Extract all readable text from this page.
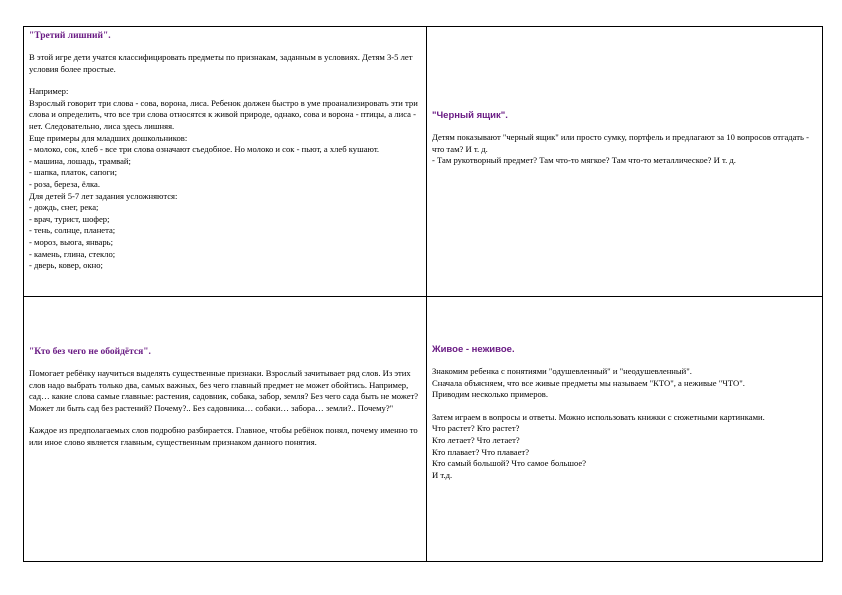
"Третий лишний".

В этой игре дети учатся классифицировать предметы по признакам, заданным в условиях. Детям 3-5 лет условия более простые.

Например:

Взрослый говорит три слова - сова, ворона, лиса. Ребенок должен быстро в уме проанализировать эти три слова и определить, что все три слова относятся к живой природе, однако, сова и ворона - птицы, а лиса - нет. Следовательно, лиса здесь лишняя.

Еще примеры для младших дошкольников:

- молоко, сок, хлеб - все три слова означают съедобное. Но молоко и сок - пьют, а хлеб кушают.

- машина, лошадь, трамвай;

- шапка, платок, сапоги;

- роза, береза, ёлка.

Для детей 5-7 лет задания усложняются:

- дождь, снег, река;

- врач, турист, шофер;

- тень, солнце, планета;

- мороз, вьюга, январь;

- камень, глина, стекло;

- дверь, ковер, окно;

"Черный ящик".

Детям показывают "черный ящик" или просто сумку, портфель и предлагают за 10 вопросов отгадать - что там? И т. д.

- Там рукотворный предмет? Там что-то мягкое? Там что-то металлическое? И т. д.

"Кто без чего не обойдётся".

Помогает ребёнку научиться выделять существенные признаки. Взрослый зачитывает ряд слов. Из этих слов надо выбрать только два, самых важных, без чего главный предмет не может обойтись. Например, сад… какие слова самые главные: растения, садовник, собака, забор, земля? Без чего сада быть не может? Может ли быть сад без растений? Почему?.. Без садовника… собаки… забора… земли?.. Почему?"

Каждое из предполагаемых слов подробно разбирается. Главное, чтобы ребёнок понял, почему именно то или иное слово является главным, существенным признаком данного понятия.

Живое - неживое.

Знакомим ребенка с понятиями "одушевленный" и "неодушевленный".

Сначала объясняем, что все живые предметы мы называем "КТО", а неживые "ЧТО".

Приводим несколько примеров.

Затем играем в вопросы и ответы. Можно использовать книжки с сюжетными картинками.

Что растет? Кто растет?

Кто летает? Что летает?

Кто плавает? Что плавает?

Кто самый большой? Что самое большое?

И т.д.
